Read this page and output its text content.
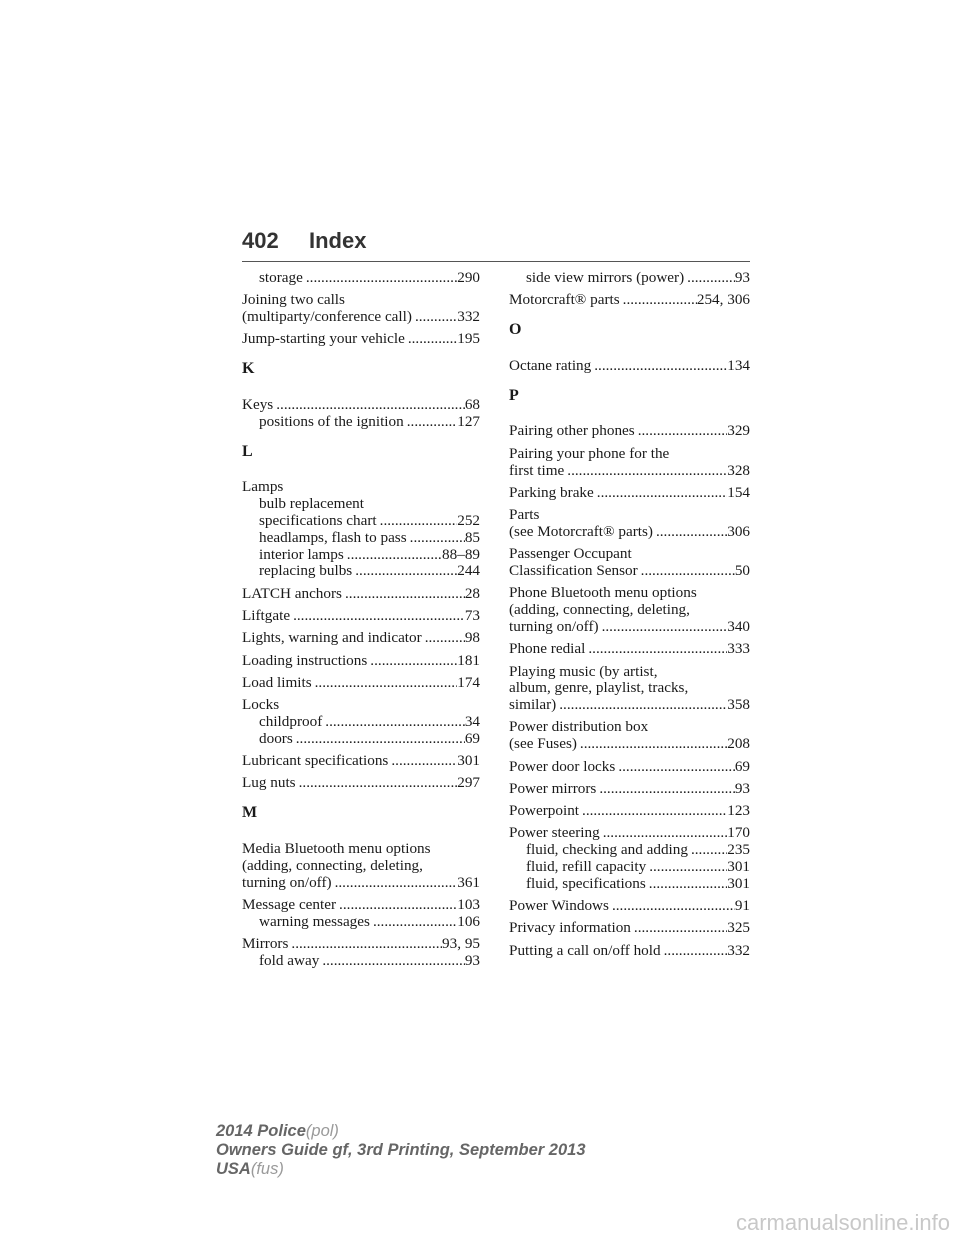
402 Index
storage .....	290
Joining two calls
(multiparty/conference call) .....	332
Jump-starting your vehicle .....	195
K
Keys .....	68
positions of the ignition .....	127
L
Lamps
bulb replacement
specifications chart .....	252
headlamps, flash to pass .....	85
interior lamps .....	88–89
replacing bulbs .....	244
LATCH anchors .....	28
Liftgate .....	73
Lights, warning and indicator .....	98
Loading instructions .....	181
Load limits .....	174
Locks
childproof .....	34
doors .....	69
Lubricant specifications .....	301
Lug nuts .....	297
M
Media Bluetooth menu options
(adding, connecting, deleting,
turning on/off) .....	361
Message center .....	103
warning messages .....	106
Mirrors .....	93, 95
fold away .....	93
side view mirrors (power) .....	93
Motorcraft® parts .....	254, 306
O
Octane rating .....	134
P
Pairing other phones .....	329
Pairing your phone for the
first time .....	328
Parking brake .....	154
Parts
(see Motorcraft® parts) .....	306
Passenger Occupant
Classification Sensor .....	50
Phone Bluetooth menu options
(adding, connecting, deleting,
turning on/off) .....	340
Phone redial .....	333
Playing music (by artist,
album, genre, playlist, tracks,
similar) .....	358
Power distribution box
(see Fuses) .....	208
Power door locks .....	69
Power mirrors .....	93
Powerpoint .....	123
Power steering .....	170
fluid, checking and adding .....	235
fluid, refill capacity .....	301
fluid, specifications .....	301
Power Windows .....	91
Privacy information .....	325
Putting a call on/off hold .....	332
2014 Police(pol)
Owners Guide gf, 3rd Printing, September 2013
USA(fus)
carmanualsonline.info
